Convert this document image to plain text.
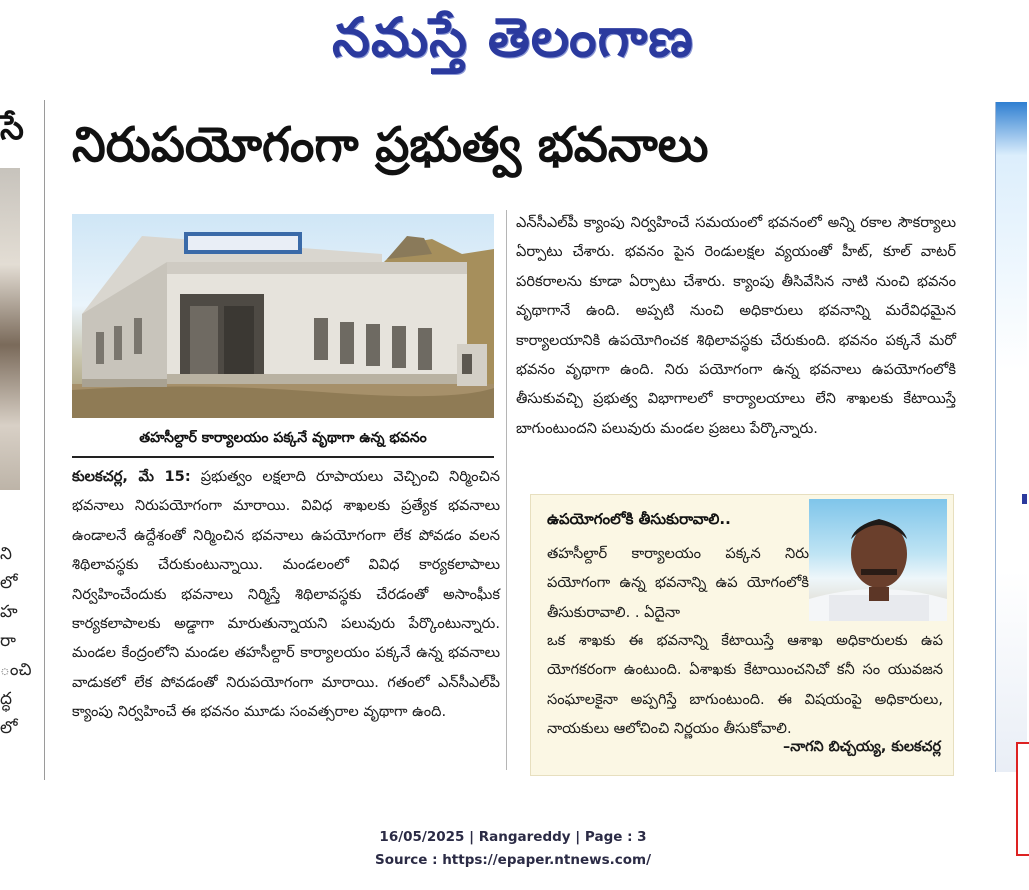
నమస్తే తెలంగాణ
సే
ని
లో
హ
రా
ంచి
ద్ధ
లో
నిరుపయోగంగా ప్రభుత్వ భవనాలు
తహసీల్దార్ కార్యాలయం పక్కనే వృథాగా ఉన్న భవనం

కులకచర్ల, మే 15: ప్రభుత్వం లక్షలాది రూపాయలు వెచ్చించి నిర్మించిన భవనాలు నిరుపయోగంగా మారాయి. వివిధ శాఖలకు ప్రత్యేక భవనాలు ఉండాలనే ఉద్దేశంతో నిర్మించిన భవనాలు ఉపయోగంగా లేక పోవడం వలన శిథిలావస్థకు చేరుకుంటున్నాయి. మండలంలో వివిధ కార్యకలాపాలు నిర్వహించేందుకు భవనాలు నిర్మిస్తే శిథిలావస్థకు చేరడంతో అసాంఘీక కార్యకలాపాలకు అడ్డాగా మారుతున్నాయని పలువురు పేర్కొంటున్నారు. మండల కేంద్రంలోని మండల తహసీల్దార్ కార్యాలయం పక్కనే ఉన్న భవనాలు వాడుకలో లేక పోవడంతో నిరుపయోగంగా మారాయి. గతంలో ఎన్‌సీఎల్‌పీ క్యాంపు నిర్వహించే ఈ భవనం మూడు సంవత్సరాల వృథాగా ఉంది.

ఎన్‌సీఎల్‌పీ క్యాంపు నిర్వహించే సమయంలో భవనంలో అన్ని రకాల సౌకర్యాలు ఏర్పాటు చేశారు. భవనం పైన రెండులక్షల వ్యయంతో హీట్, కూల్ వాటర్ పరికరాలను కూడా ఏర్పాటు చేశారు. క్యాంపు తీసివేసిన నాటి నుంచి భవనం వృథాగానే ఉంది. అప్పటి నుంచి అధికారులు భవనాన్ని మరేవిధమైన కార్యాలయానికి ఉపయోగించక శిథిలావస్థకు చేరుకుంది. భవనం పక్కనే మరో భవనం వృథాగా ఉంది. నిరు పయోగంగా ఉన్న భవనాలు ఉపయోగంలోకి తీసుకువచ్చి ప్రభుత్వ విభాగాలలో కార్యాలయాలు లేని శాఖలకు కేటాయిస్తే బాగుంటుందని పలువురు మండల ప్రజలు పేర్కొన్నారు.

ఉపయోగంలోకి తీసుకురావాలి..
తహసీల్దార్ కార్యాలయం పక్కన నిరు పయోగంగా ఉన్న భవనాన్ని ఉప యోగంలోకి తీసుకురావాలి. . ఏదైనా
ఒక శాఖకు ఈ భవనాన్ని కేటాయిస్తే ఆశాఖ అధికారులకు ఉప యోగకరంగా ఉంటుంది. ఏశాఖకు కేటాయించనిచో కనీ సం యువజన సంఘాలకైనా అప్పగిస్తే బాగుంటుంది. ఈ విషయంపై అధికారులు, నాయకులు ఆలోచించి నిర్ణయం తీసుకోవాలి.
–నాగని బిచ్చయ్య, కులకచర్ల
16/05/2025 | Rangareddy | Page : 3
Source : https://epaper.ntnews.com/
